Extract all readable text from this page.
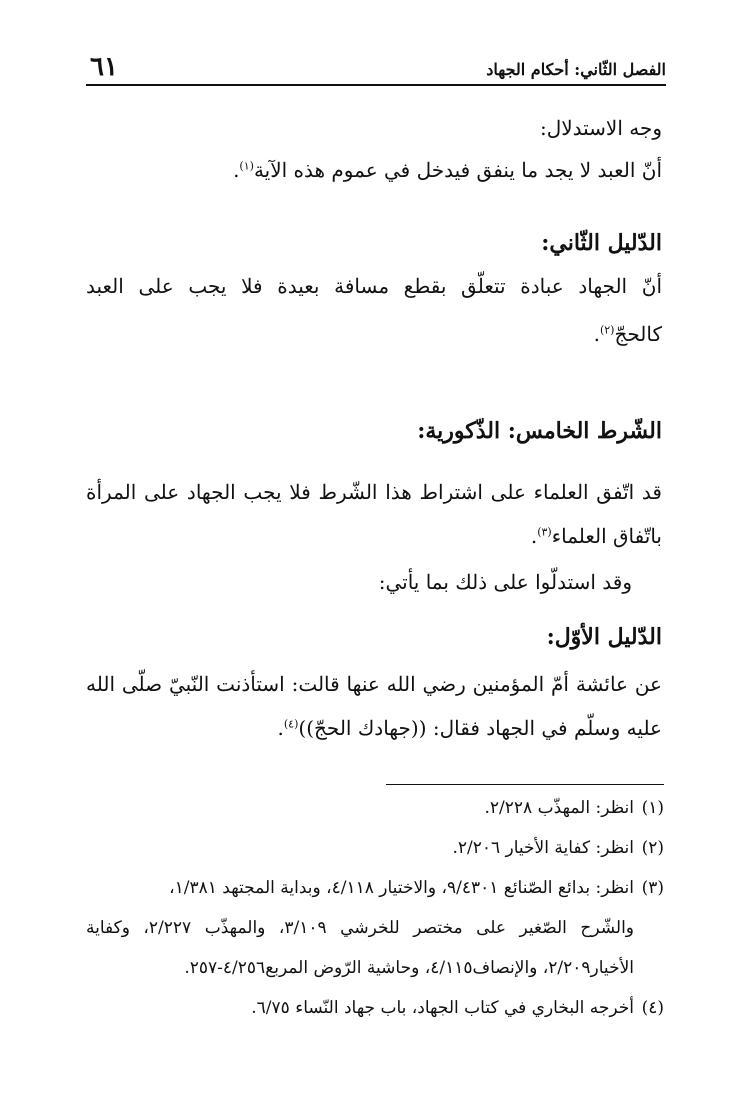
الفصل الثّاني: أحكام الجهاد
٦١
وجه الاستدلال:
أنّ العبد لا يجد ما ينفق فيدخل في عموم هذه الآية$^{(١)}$.
الدّليل الثّاني:
أنّ الجهاد عبادة تتعلّق بقطع مسافة بعيدة فلا يجب على العبد
كالحجّ$^{(٢)}$.
الشّرط الخامس: الذّكورية:
قد اتّفق العلماء على اشتراط هذا الشّرط فلا يجب الجهاد على المرأة
باتّفاق العلماء$^{(٣)}$.
وقد استدلّوا على ذلك بما يأتي:
الدّليل الأوّل:
عن عائشة أمّ المؤمنين رضي الله عنها قالت: استأذنت النّبيّ صلّى الله
عليه وسلّم في الجهاد فقال: ((جهادك الحجّ))$^{(٤)}$.
(١)انظر: المهذّب ٢/٢٢٨.
(٢)انظر: كفاية الأخيار ٢/٢٠٦.
(٣)انظر: بدائع الصّنائع ٩/٤٣٠١، والاختيار ٤/١١٨، وبداية المجتهد ١/٣٨١،
والشّرح الصّغير على مختصر للخرشي ٣/١٠٩، والمهذّب ٢/٢٢٧، وكفاية
الأخيار٢/٢٠٩، والإنصاف٤/١١٥، وحاشية الرّوض المربع٤/٢٥٦-٢٥٧.
(٤)أخرجه البخاري في كتاب الجهاد، باب جهاد النّساء ٦/٧٥.
